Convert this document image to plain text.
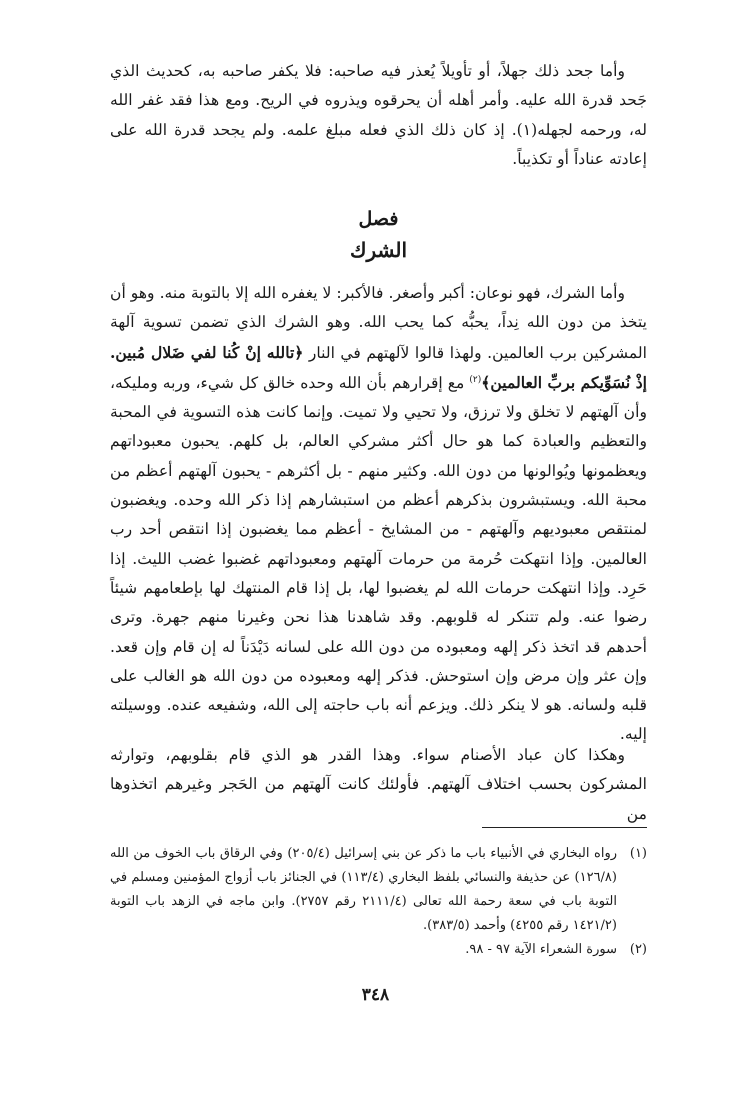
وأما جحد ذلك جهلاً، أو تأويلاً يُعذر فيه صاحبه: فلا يكفر صاحبه به، كحديث الذي جَحد قدرة الله عليه. وأمر أهله أن يحرقوه ويذروه في الريح. ومع هذا فقد غفر الله له، ورحمه لجهله(١). إذ كان ذلك الذي فعله مبلغ علمه. ولم يجحد قدرة الله على إعادته عناداً أو تكذيباً.

فصل
الشرك

وأما الشرك، فهو نوعان: أكبر وأصغر. فالأكبر: لا يغفره الله إلا بالتوبة منه. وهو أن يتخذ من دون الله نِداً، يحبُّه كما يحب الله. وهو الشرك الذي تضمن تسوية آلهة المشركين برب العالمين. ولهذا قالوا لآلهتهم في النار ﴿تالله إنْ كُنا لفي ضَلال مُبين. إذْ نُسَوِّيكم بربِّ العالمين﴾$^{(٢)}$ مع إقرارهم بأن الله وحده خالق كل شيء، وربه ومليكه، وأن آلهتهم لا تخلق ولا ترزق، ولا تحيي ولا تميت. وإنما كانت هذه التسوية في المحبة والتعظيم والعبادة كما هو حال أكثر مشركي العالم، بل كلهم. يحبون معبوداتهم ويعظمونها ويُوالونها من دون الله. وكثير منهم - بل أكثرهم - يحبون آلهتهم أعظم من محبة الله. ويستبشرون بذكرهم أعظم من استبشارهم إذا ذكر الله وحده. ويغضبون لمنتقص معبوديهم وآلهتهم - من المشايخ - أعظم مما يغضبون إذا انتقص أحد رب العالمين. وإذا انتهكت حُرمة من حرمات آلهتهم ومعبوداتهم غضبوا غضب الليث. إذا حَرِد. وإذا انتهكت حرمات الله لم يغضبوا لها، بل إذا قام المنتهك لها بإطعامهم شيئاً رضوا عنه. ولم تتنكر له قلوبهم. وقد شاهدنا هذا نحن وغيرنا منهم جهرة. وترى أحدهم قد اتخذ ذكر إلهه ومعبوده من دون الله على لسانه دَيْدَناً له إن قام وإن قعد. وإن عثر وإن مرض وإن استوحش. فذكر إلهه ومعبوده من دون الله هو الغالب على قلبه ولسانه. هو لا ينكر ذلك. ويزعم أنه باب حاجته إلى الله، وشفيعه عنده. ووسيلته إليه.

وهكذا كان عباد الأصنام سواء. وهذا القدر هو الذي قام بقلوبهم، وتوارثه المشركون بحسب اختلاف آلهتهم. فأولئك كانت آلهتهم من الحَجر وغيرهم اتخذوها من

(١)رواه البخاري في الأنبياء باب ما ذكر عن بني إسرائيل (٢٠٥/٤) وفي الرقاق باب الخوف من الله (١٢٦/٨) عن حذيفة والنسائي بلفظ البخاري (١١٣/٤) في الجنائز باب أزواج المؤمنين ومسلم في التوبة باب في سعة رحمة الله تعالى (٢١١١/٤ رقم ٢٧٥٧). وابن ماجه في الزهد باب التوبة (١٤٢١/٢ رقم ٤٢٥٥) وأحمد (٣٨٣/٥).

(٢)سورة الشعراء الآية ٩٧ - ٩٨.

٣٤٨
